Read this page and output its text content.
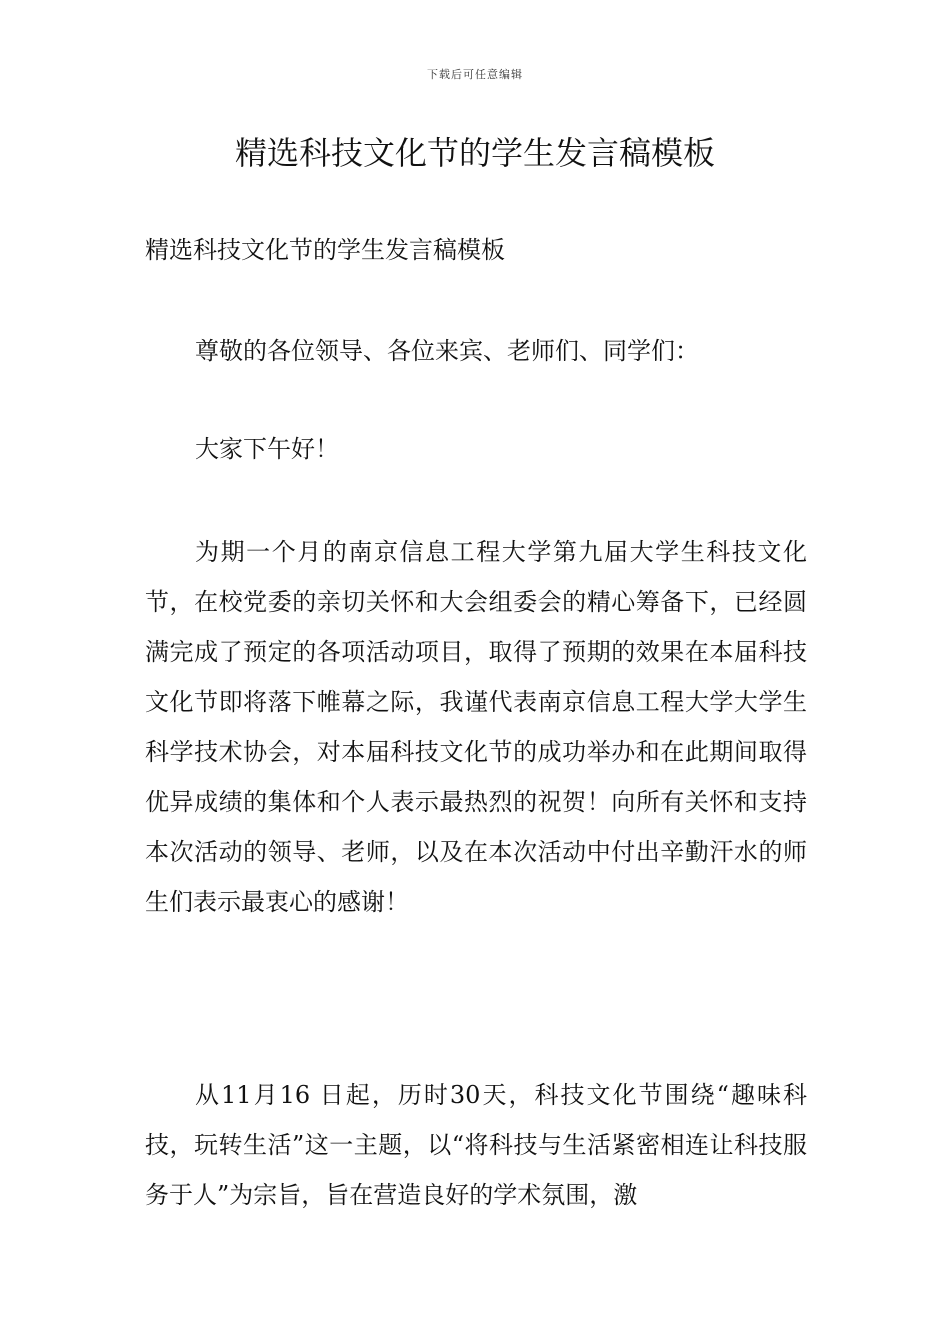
下载后可任意编辑
精选科技文化节的学生发言稿模板

精选科技文化节的学生发言稿模板

尊敬的各位领导、各位来宾、老师们、同学们：

大家下午好！

为期一个月的南京信息工程大学第九届大学生科技文化节，在校党委的亲切关怀和大会组委会的精心筹备下，已经圆满完成了预定的各项活动项目，取得了预期的效果在本届科技文化节即将落下帷幕之际，我谨代表南京信息工程大学大学生科学技术协会，对本届科技文化节的成功举办和在此期间取得优异成绩的集体和个人表示最热烈的祝贺！向所有关怀和支持本次活动的领导、老师，以及在本次活动中付出辛勤汗水的师生们表示最衷心的感谢！

从11月16 日起，历时30天，科技文化节围绕“趣味科技，玩转生活”这一主题，以“将科技与生活紧密相连让科技服务于人”为宗旨，旨在营造良好的学术氛围，激
